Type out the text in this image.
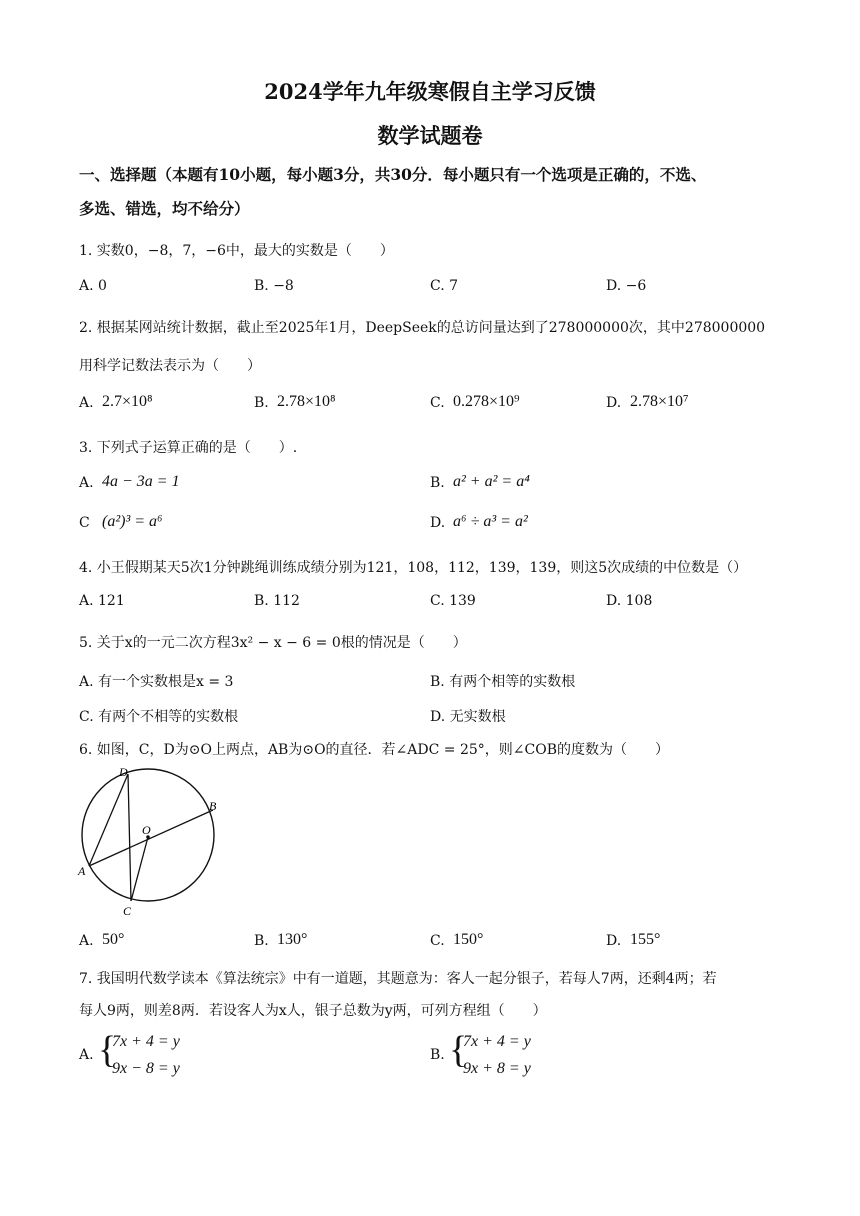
2024学年九年级寒假自主学习反馈
数学试题卷
一、选择题（本题有10小题，每小题3分，共30分．每小题只有一个选项是正确的，不选、
多选、错选，均不给分）
1. 实数0，−8，7，−6中，最大的实数是（　　）
A. 0	B. −8	C. 7	D. −6
2. 根据某网站统计数据，截止至2025年1月，DeepSeek的总访问量达到了278000000次，其中278000000
用科学记数法表示为（　　）
A. 2.7×10⁸	B. 2.78×10⁸	C. 0.278×10⁹	D. 2.78×10⁷
3. 下列式子运算正确的是（　　）.
A. 4a − 3a = 1	B. a² + a² = a⁴
C (a²)³ = a⁶	D. a⁶ ÷ a³ = a²
4. 小王假期某天5次1分钟跳绳训练成绩分别为121，108，112，139，139，则这5次成绩的中位数是（）
A. 121	B. 112	C. 139	D. 108
5. 关于x的一元二次方程3x² − x − 6 = 0根的情况是（　　）
A. 有一个实数根是x = 3	B. 有两个相等的实数根
C. 有两个不相等的实数根	D. 无实数根
6. 如图，C，D为⊙O上两点，AB为⊙O的直径．若∠ADC = 25°，则∠COB的度数为（　　）
D
B
O
A
C
A. 50°	B. 130°	C. 150°	D. 155°
7. 我国明代数学读本《算法统宗》中有一道题，其题意为：客人一起分银子，若每人7两，还剩4两；若
每人9两，则差8两．若设客人为x人，银子总数为y两，可列方程组（　　）
A. {
7x + 4 = y
9x − 8 = y
B. {
7x + 4 = y
9x + 8 = y
